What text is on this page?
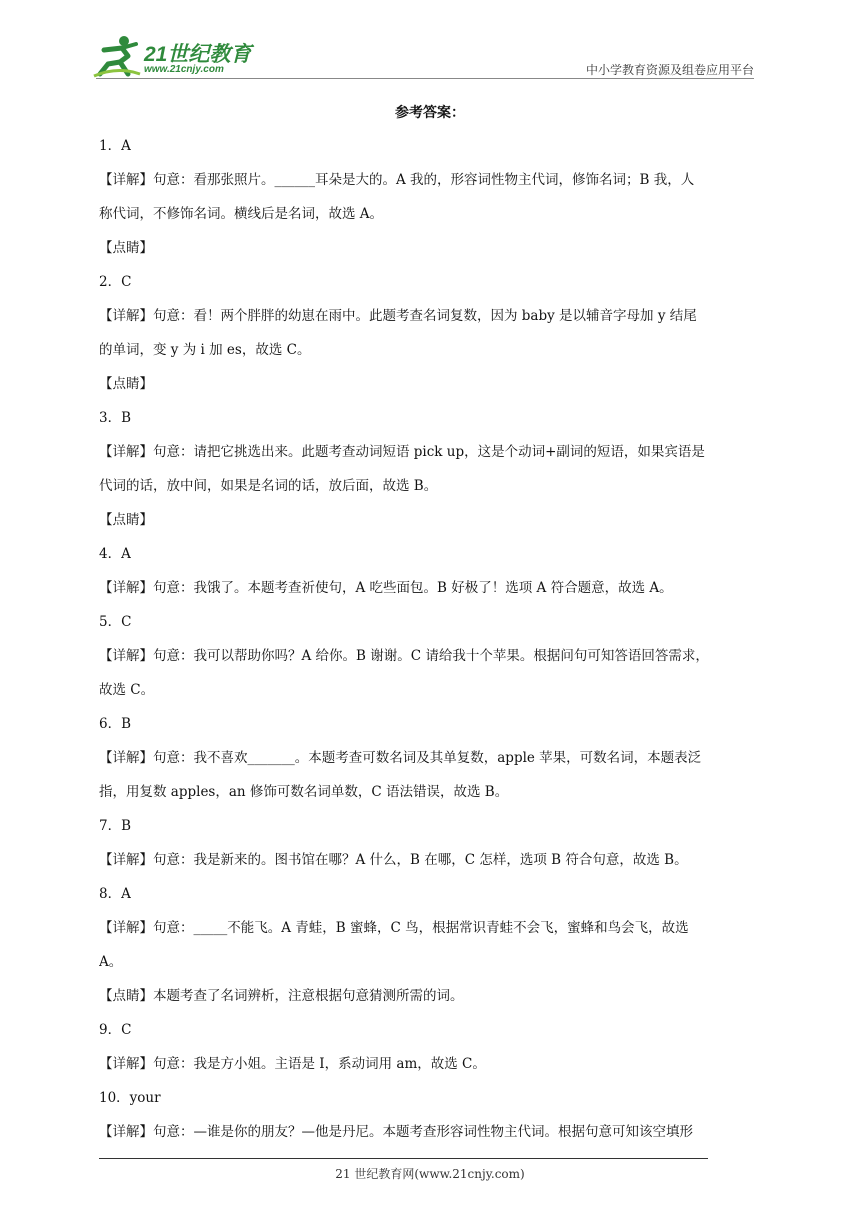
21世纪教育
www.21cnjy.com	中小学教育资源及组卷应用平台
参考答案：
1．A
【详解】句意：看那张照片。______耳朵是大的。A 我的，形容词性物主代词，修饰名词；B 我，人
称代词，不修饰名词。横线后是名词，故选 A。
【点睛】
2．C
【详解】句意：看！两个胖胖的幼崽在雨中。此题考查名词复数，因为 baby 是以辅音字母加 y 结尾
的单词，变 y 为 i 加 es，故选 C。
【点睛】
3．B
【详解】句意：请把它挑选出来。此题考查动词短语 pick up，这是个动词+副词的短语，如果宾语是
代词的话，放中间，如果是名词的话，放后面，故选 B。
【点睛】
4．A
【详解】句意：我饿了。本题考查祈使句，A 吃些面包。B 好极了！选项 A 符合题意，故选 A。
5．C
【详解】句意：我可以帮助你吗？A 给你。B 谢谢。C 请给我十个苹果。根据问句可知答语回答需求，
故选 C。
6．B
【详解】句意：我不喜欢_______。本题考查可数名词及其单复数，apple 苹果，可数名词，本题表泛
指，用复数 apples，an 修饰可数名词单数，C 语法错误，故选 B。
7．B
【详解】句意：我是新来的。图书馆在哪？A 什么，B 在哪，C 怎样，选项 B 符合句意，故选 B。
8．A
【详解】句意：_____不能飞。A 青蛙，B 蜜蜂，C 鸟，根据常识青蛙不会飞，蜜蜂和鸟会飞，故选
A。
【点睛】本题考查了名词辨析，注意根据句意猜测所需的词。
9．C
【详解】句意：我是方小姐。主语是 I，系动词用 am，故选 C。
10．your
【详解】句意：—谁是你的朋友？—他是丹尼。本题考查形容词性物主代词。根据句意可知该空填形
21 世纪教育网(www.21cnjy.com)
